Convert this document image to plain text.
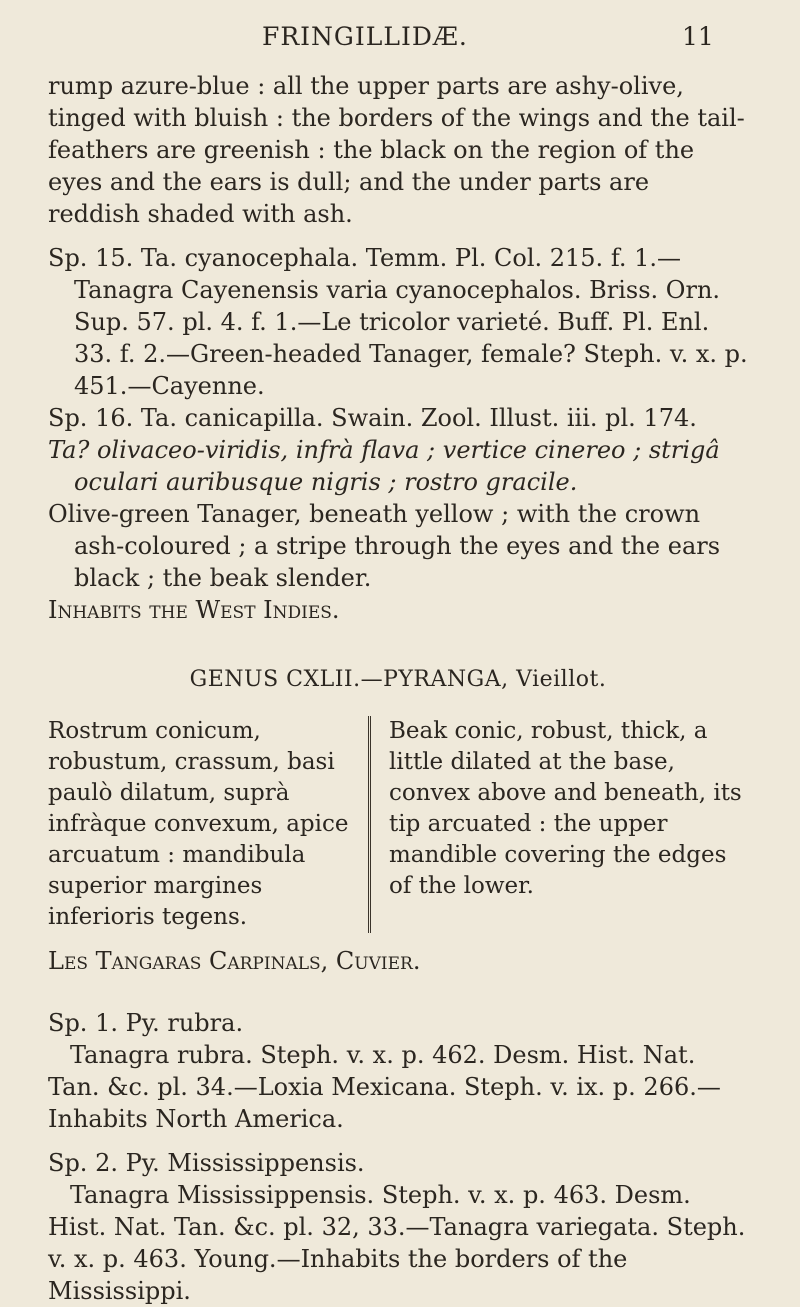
FRINGILLIDÆ.	11

rump azure-blue : all the upper parts are ashy-olive, tinged with bluish : the borders of the wings and the tail-feathers are greenish : the black on the region of the eyes and the ears is dull; and the under parts are reddish shaded with ash.

Sp. 15. Ta. cyanocephala. Temm. Pl. Col. 215. f. 1.—Tanagra Cayenensis varia cyanocephalos. Briss. Orn. Sup. 57. pl. 4. f. 1.—Le tricolor varieté. Buff. Pl. Enl. 33. f. 2.—Green-headed Tanager, female? Steph. v. x. p. 451.—Cayenne.

Sp. 16. Ta. canicapilla. Swain. Zool. Illust. iii. pl. 174.

Ta? olivaceo-viridis, infrà flava ; vertice cinereo ; strigâ oculari auribusque nigris ; rostro gracile.

Olive-green Tanager, beneath yellow ; with the crown ash-coloured ; a stripe through the eyes and the ears black ; the beak slender.

Inhabits the West Indies.

GENUS CXLII.—PYRANGA, Vieillot.

Rostrum conicum, robustum, crassum, basi paulò dilatum, suprà infràque convexum, apice arcuatum : mandibula superior margines inferioris tegens.

Beak conic, robust, thick, a little dilated at the base, convex above and beneath, its tip arcuated : the upper mandible covering the edges of the lower.

Les Tangaras Carpinals, Cuvier.

Sp. 1. Py. rubra.

Tanagra rubra. Steph. v. x. p. 462. Desm. Hist. Nat. Tan. &c. pl. 34.—Loxia Mexicana. Steph. v. ix. p. 266.—Inhabits North America.

Sp. 2. Py. Mississippensis.

Tanagra Mississippensis. Steph. v. x. p. 463. Desm. Hist. Nat. Tan. &c. pl. 32, 33.—Tanagra variegata. Steph. v. x. p. 463. Young.—Inhabits the borders of the Mississippi.
